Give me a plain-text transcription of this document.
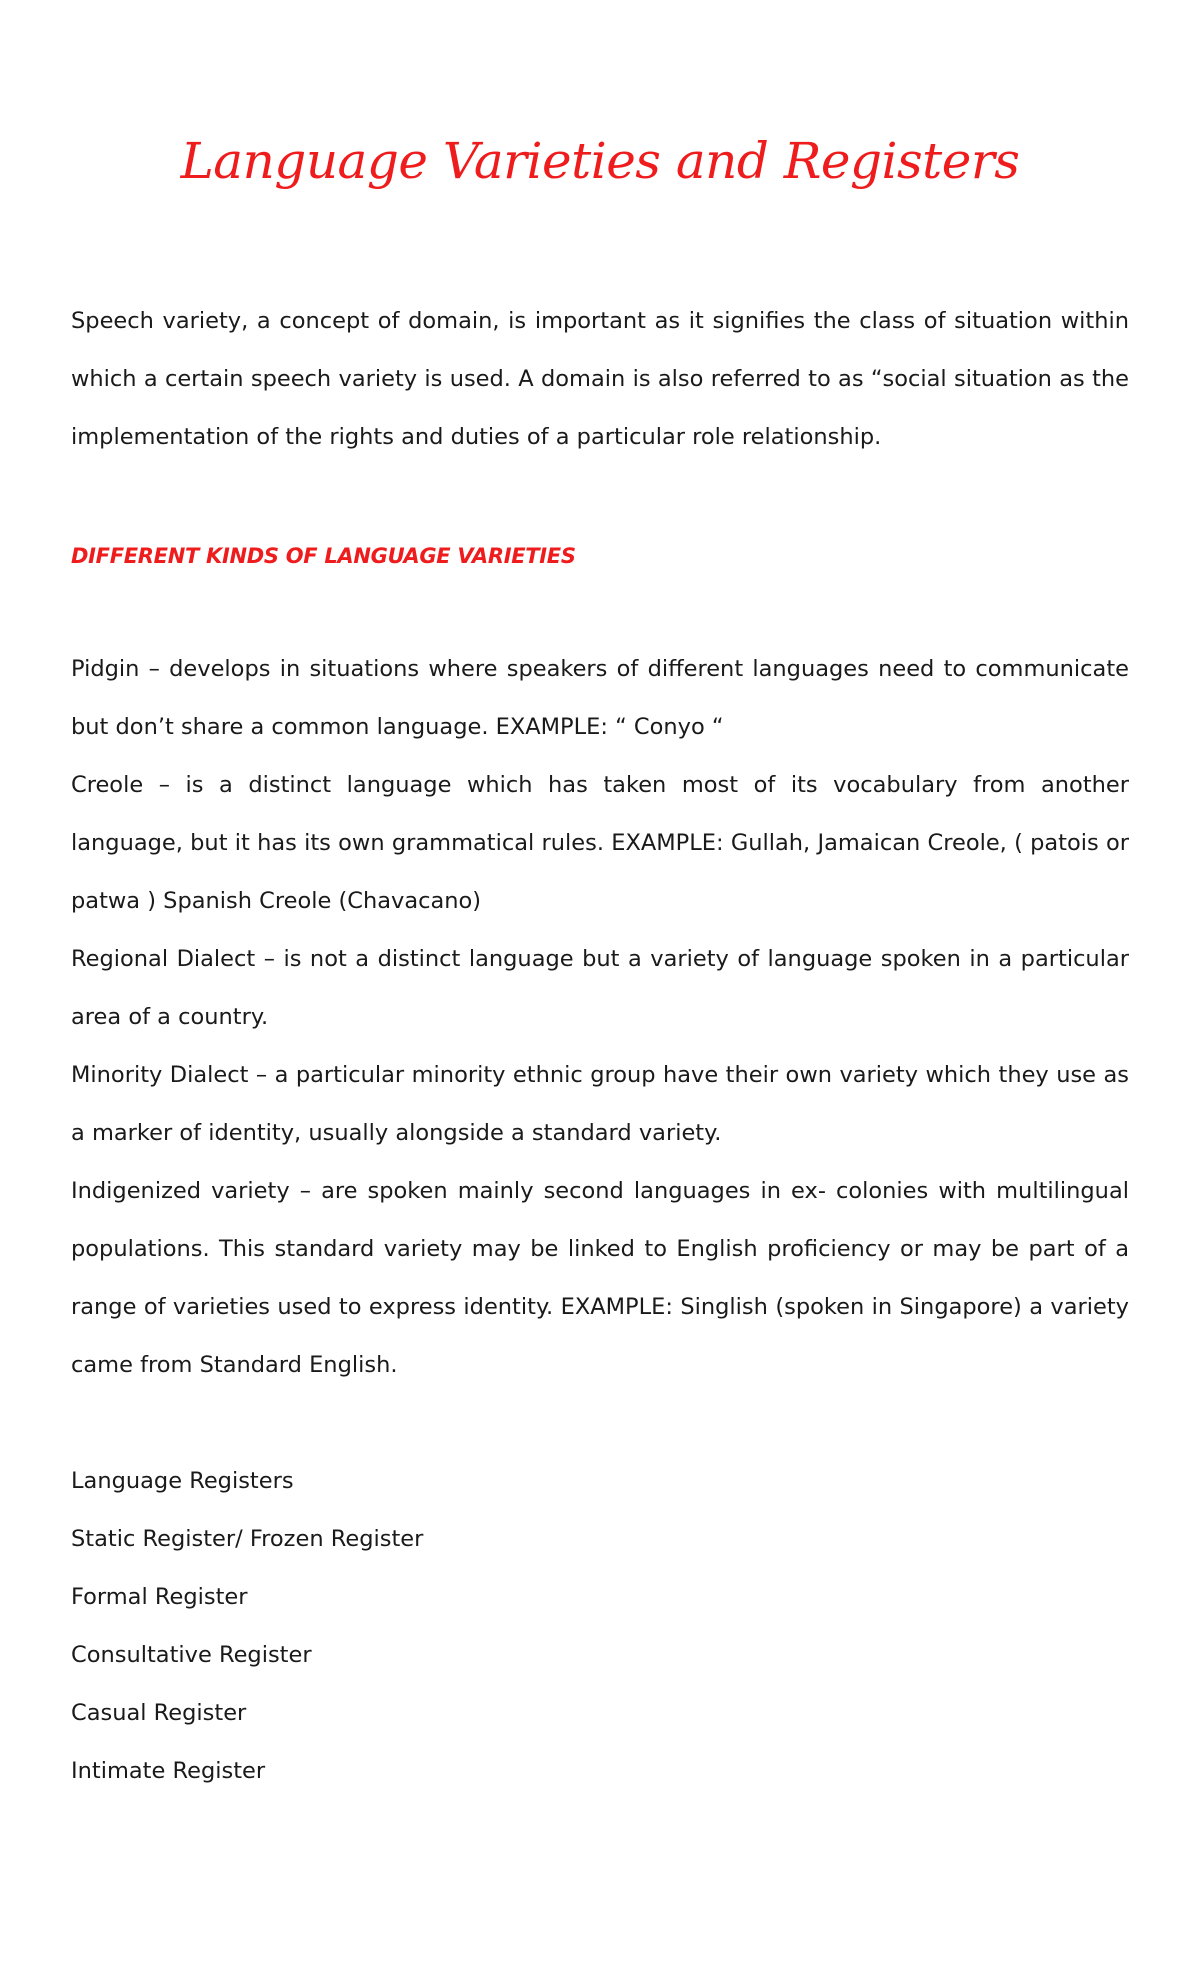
Language Varieties and Registers

Speech variety, a concept of domain, is important as it signifies the class of situation within which a certain speech variety is used. A domain is also referred to as “social situation as the implementation of the rights and duties of a particular role relationship.

DIFFERENT KINDS OF LANGUAGE VARIETIES

Pidgin – develops in situations where speakers of different languages need to communicate but don’t share a common language. EXAMPLE: “ Conyo “

Creole – is a distinct language which has taken most of its vocabulary from another language, but it has its own grammatical rules. EXAMPLE: Gullah, Jamaican Creole, ( patois or patwa ) Spanish Creole (Chavacano)

Regional Dialect – is not a distinct language but a variety of language spoken in a particular area of a country.

Minority Dialect – a particular minority ethnic group have their own variety which they use as a marker of identity, usually alongside a standard variety.

Indigenized variety – are spoken mainly second languages in ex- colonies with multilingual populations. This standard variety may be linked to English proficiency or may be part of a range of varieties used to express identity. EXAMPLE: Singlish (spoken in Singapore) a variety came from Standard English.

Language Registers

Static Register/ Frozen Register

Formal Register

Consultative Register

Casual Register

Intimate Register
